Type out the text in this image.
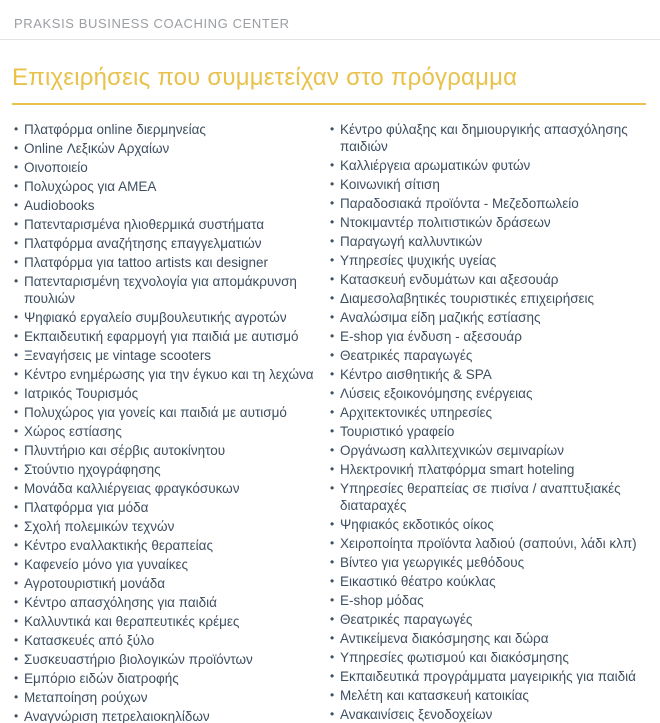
PRAKSIS BUSINESS COACHING CENTER
Επιχειρήσεις που συμμετείχαν στο πρόγραμμα
• Πλατφόρμα online διερμηνείας
• Online Λεξικών Αρχαίων
• Οινοποιείο
• Πολυχώρος για ΑΜΕΑ
• Audiobooks
• Πατενταρισμένα ηλιοθερμικά συστήματα
• Πλατφόρμα αναζήτησης επαγγελματιών
• Πλατφόρμα για tattoo artists και designer
• Πατενταρισμένη τεχνολογία για απομάκρυνση πουλιών
• Ψηφιακό εργαλείο συμβουλευτικής αγροτών
• Εκπαιδευτική εφαρμογή για παιδιά με αυτισμό
• Ξεναγήσεις με vintage scooters
• Κέντρο ενημέρωσης για την έγκυο και τη λεχώνα
• Ιατρικός Τουρισμός
• Πολυχώρος για γονείς και παιδιά με αυτισμό
• Χώρος εστίασης
• Πλυντήριο και σέρβις αυτοκίνητου
• Στούντιο ηχογράφησης
• Μονάδα καλλιέργειας φραγκόσυκων
• Πλατφόρμα για μόδα
• Σχολή πολεμικών τεχνών
• Κέντρο εναλλακτικής θεραπείας
• Καφενείο μόνο για γυναίκες
• Αγροτουριστική μονάδα
• Κέντρο απασχόλησης για παιδιά
• Καλλυντικά και θεραπευτικές κρέμες
• Κατασκευές από ξύλο
• Συσκευαστήριο βιολογικών προϊόντων
• Εμπόριο ειδών διατροφής
• Μεταποίηση ρούχων
• Αναγνώριση πετρελαιοκηλίδων
• Κέντρο φύλαξης και δημιουργικής απασχόλησης παιδιών
• Καλλιέργεια αρωματικών φυτών
• Κοινωνική σίτιση
• Παραδοσιακά προϊόντα - Μεζεδοπωλείο
• Ντοκιμαντέρ πολιτιστικών δράσεων
• Παραγωγή καλλυντικών
• Υπηρεσίες ψυχικής υγείας
• Κατασκευή ενδυμάτων και αξεσουάρ
• Διαμεσολαβητικές τουριστικές επιχειρήσεις
• Αναλώσιμα είδη μαζικής εστίασης
• E-shop για ένδυση - αξεσουάρ
• Θεατρικές παραγωγές
• Κέντρο αισθητικής & SPA
• Λύσεις εξοικονόμησης ενέργειας
• Αρχιτεκτονικές υπηρεσίες
• Τουριστικό γραφείο
• Οργάνωση καλλιτεχνικών σεμιναρίων
• Ηλεκτρονική πλατφόρμα smart hoteling
• Υπηρεσίες θεραπείας σε πισίνα / αναπτυξιακές διαταραχές
• Ψηφιακός εκδοτικός οίκος
• Χειροποίητα προϊόντα λαδιού (σαπούνι, λάδι κλπ)
• Βίντεο για γεωργικές μεθόδους
• Εικαστικό θέατρο κούκλας
• E-shop μόδας
• Θεατρικές παραγωγές
• Αντικείμενα διακόσμησης και δώρα
• Υπηρεσίες φωτισμού και διακόσμησης
• Εκπαιδευτικά προγράμματα μαγειρικής για παιδιά
• Μελέτη και κατασκευή κατοικίας
• Ανακαινίσεις ξενοδοχείων
